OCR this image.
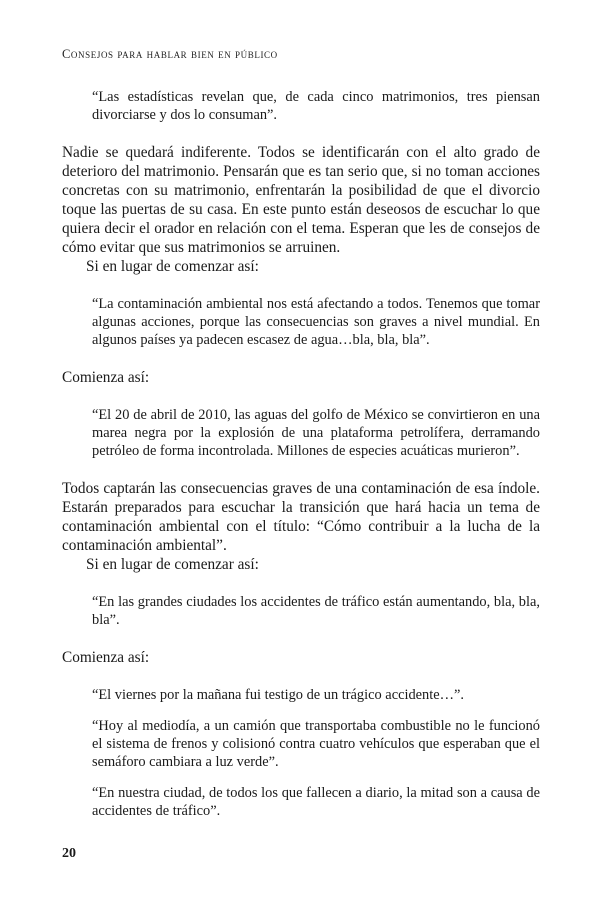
Consejos para hablar bien en público

“Las estadísticas revelan que, de cada cinco matrimonios, tres piensan divorciarse y dos lo consuman”.

Nadie se quedará indiferente. Todos se identificarán con el alto grado de deterioro del matrimonio. Pensarán que es tan serio que, si no toman acciones concretas con su matrimonio, enfrentarán la posibilidad de que el divorcio toque las puertas de su casa. En este punto están deseosos de escuchar lo que quiera decir el orador en relación con el tema. Esperan que les de consejos de cómo evitar que sus matrimonios se arruinen.

Si en lugar de comenzar así:

“La contaminación ambiental nos está afectando a todos. Tenemos que tomar algunas acciones, porque las consecuencias son graves a nivel mundial. En algunos países ya padecen escasez de agua…bla, bla, bla”.

Comienza así:

“El 20 de abril de 2010, las aguas del golfo de México se convirtieron en una marea negra por la explosión de una plataforma petrolífera, derramando petróleo de forma incontrolada. Millones de especies acuáticas murieron”.

Todos captarán las consecuencias graves de una contaminación de esa índole. Estarán preparados para escuchar la transición que hará hacia un tema de contaminación ambiental con el título: “Cómo contribuir a la lucha de la contaminación ambiental”.

Si en lugar de comenzar así:

“En las grandes ciudades los accidentes de tráfico están aumentando, bla, bla, bla”.

Comienza así:

“El viernes por la mañana fui testigo de un trágico accidente…”.

“Hoy al mediodía, a un camión que transportaba combustible no le funcionó el sistema de frenos y colisionó contra cuatro vehículos que esperaban que el semáforo cambiara a luz verde”.

“En nuestra ciudad, de todos los que fallecen a diario, la mitad son a causa de accidentes de tráfico”.

20
